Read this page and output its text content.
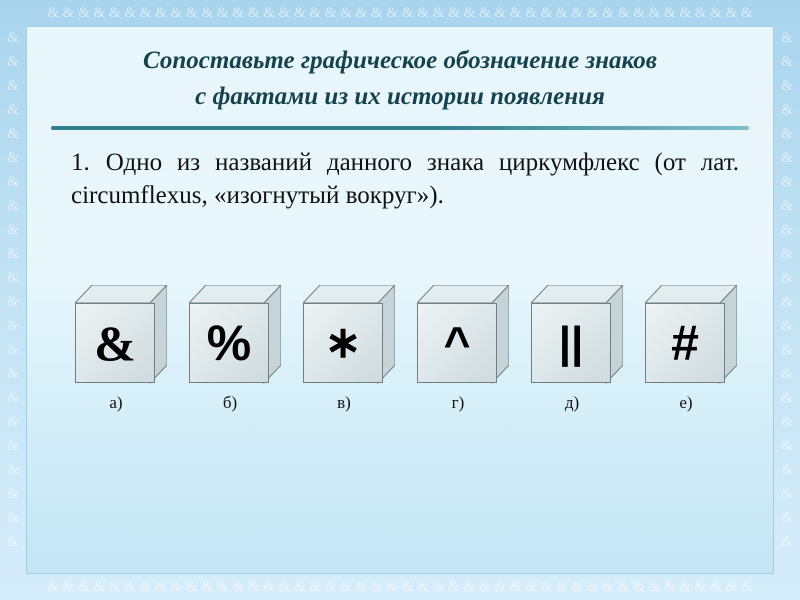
& & & & & & & & & & & & & & & & & & & & & & & & & & & & & & & & & & & & & & & & & & & & & &
& & & & & & & & & & & & & & & & & & & & & & & & & & & & & & & & & & & & & & & & & & & & & &
& & & & & & & & & & & & & & & & & & & & & &
& & & & & & & & & & & & & & & & & & & & & &
Сопоставьте графическое обозначение знаков
с фактами из их истории появления

1. Одно из названий данного знака циркумфлекс (от лат. circumflexus, «изогнутый вокруг»).

&
а)
%
б)
∗
в)
^
г)
||
д)
#
е)
